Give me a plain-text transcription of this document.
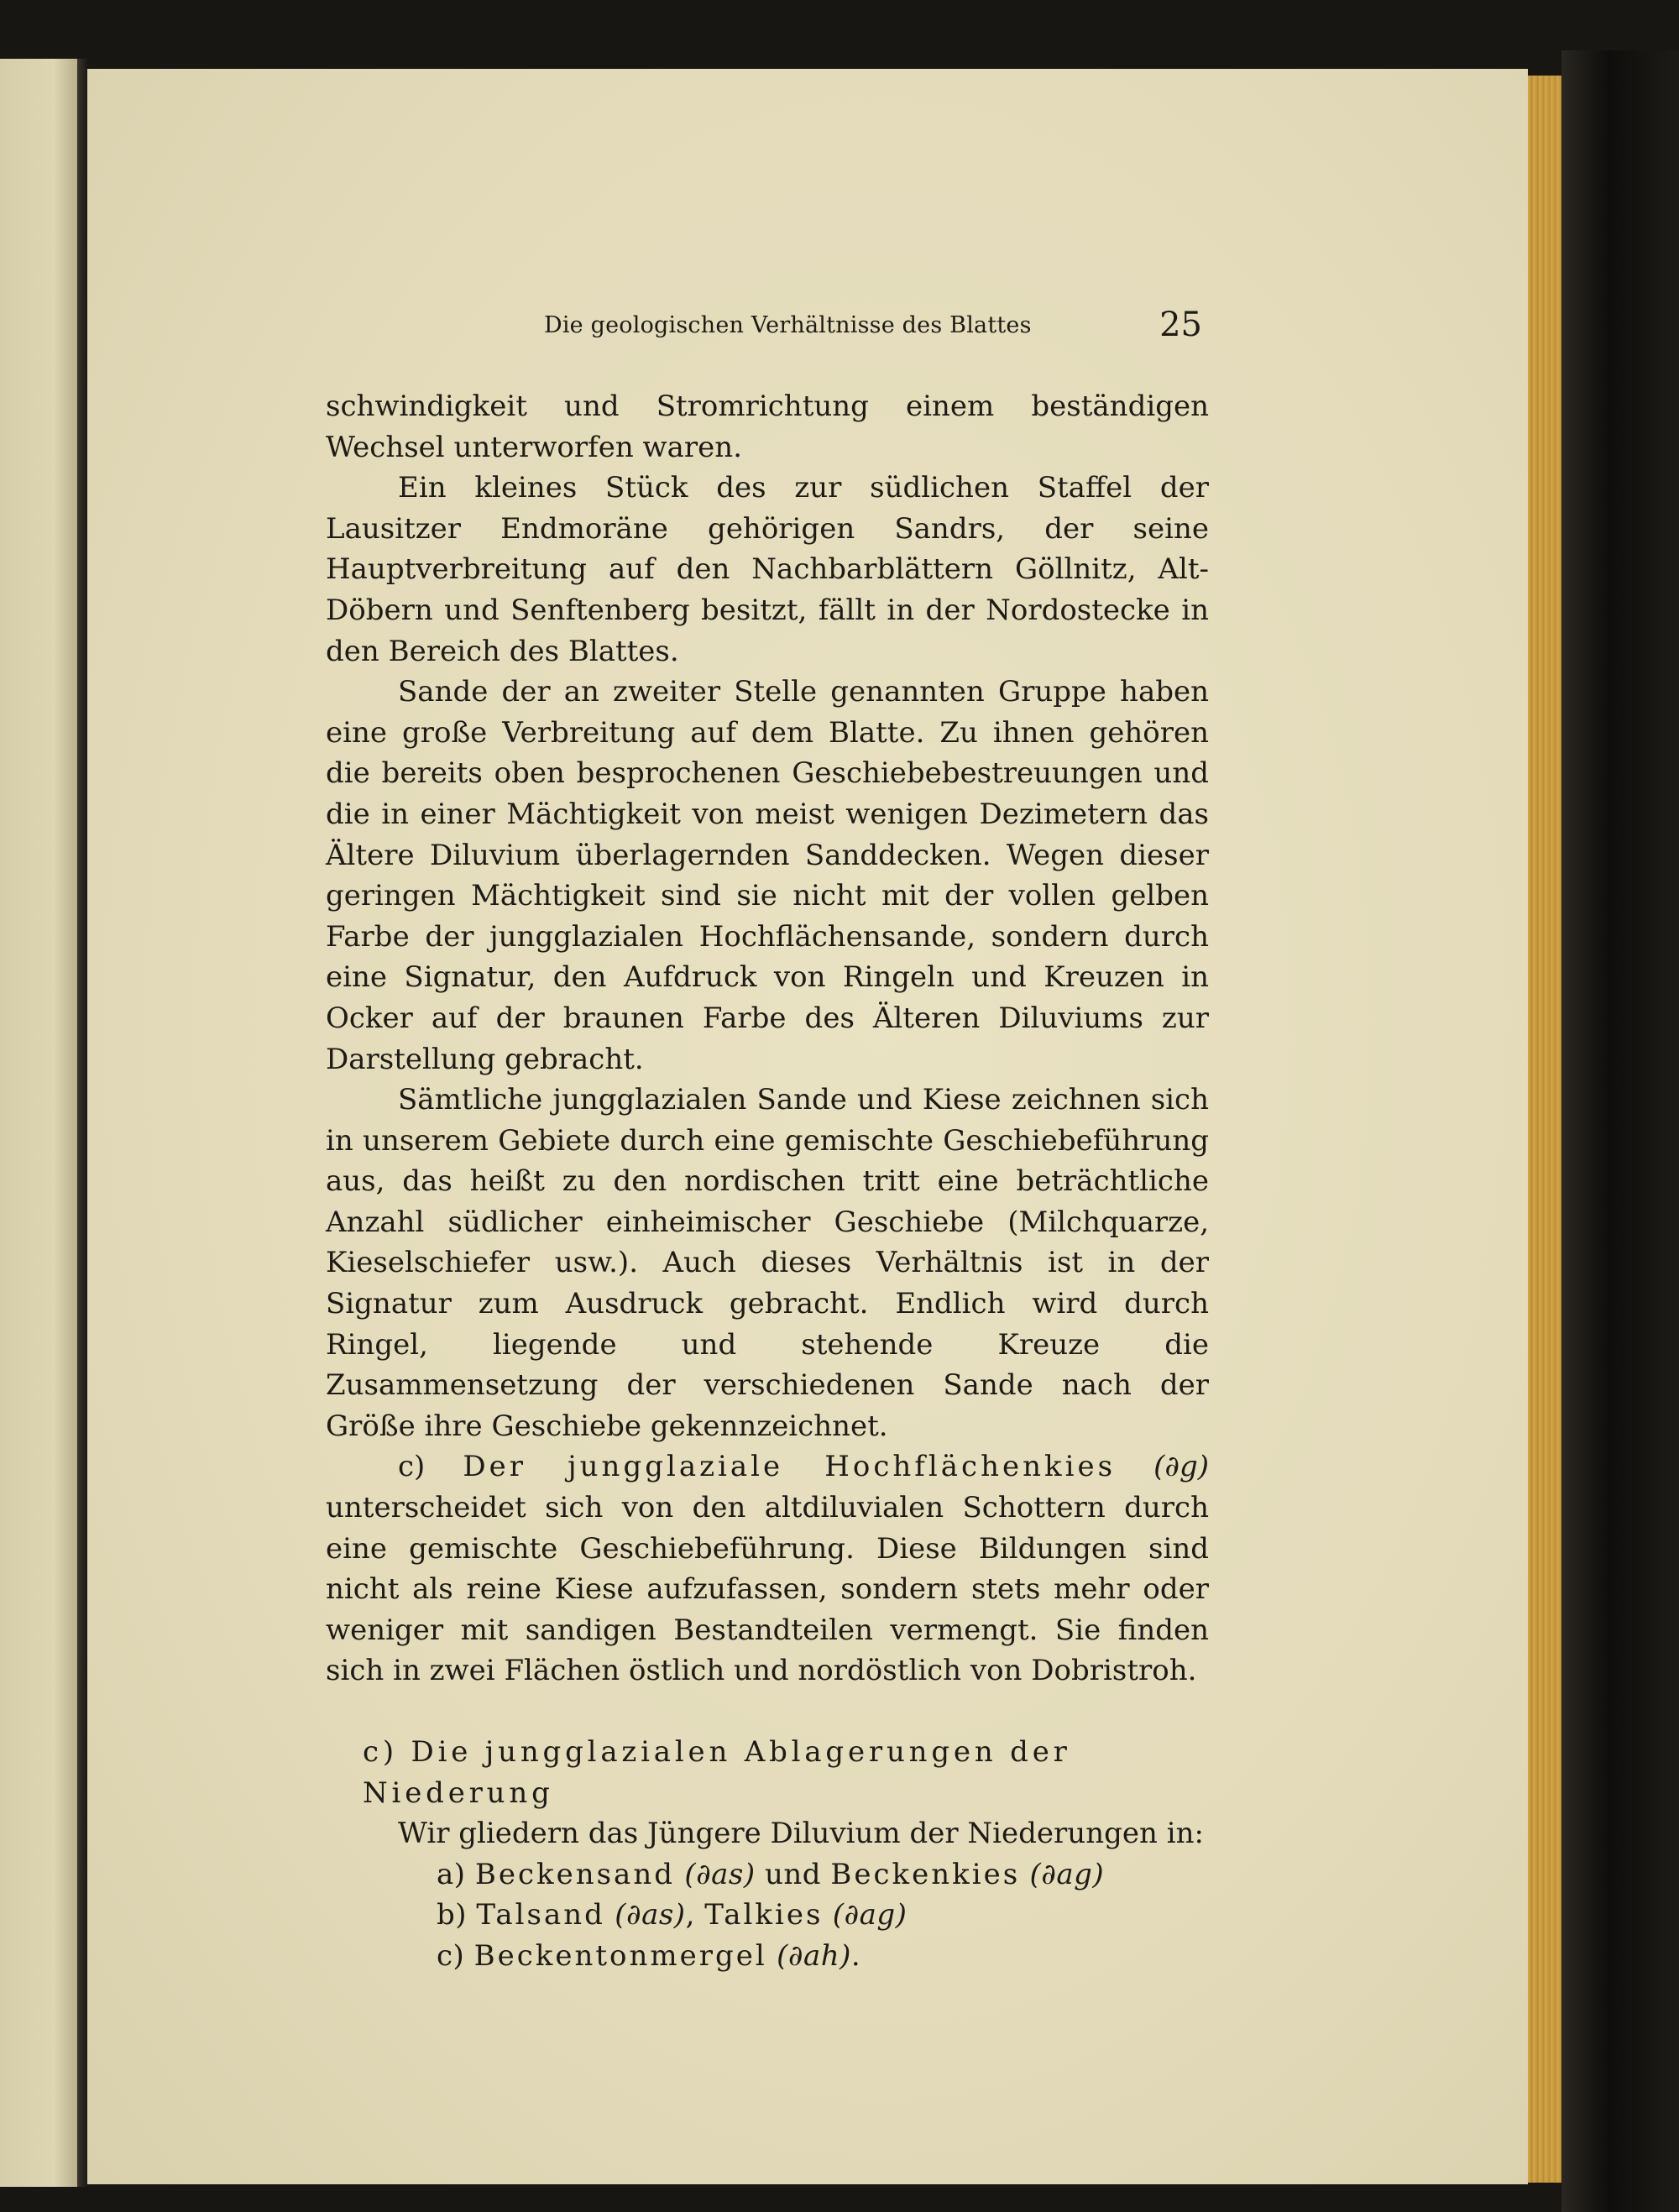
Die geologischen Verhältnisse des Blattes	25

schwindigkeit und Stromrichtung einem beständigen Wechsel unterworfen waren.

Ein kleines Stück des zur südlichen Staffel der Lausitzer Endmoräne gehörigen Sandrs, der seine Hauptverbreitung auf den Nachbarblättern Göllnitz, Alt-Döbern und Senftenberg besitzt, fällt in der Nordostecke in den Bereich des Blattes.

Sande der an zweiter Stelle genannten Gruppe haben eine große Verbreitung auf dem Blatte. Zu ihnen gehören die bereits oben besprochenen Geschiebebestreuungen und die in einer Mächtigkeit von meist wenigen Dezimetern das Ältere Diluvium überlagernden Sanddecken. Wegen dieser geringen Mächtigkeit sind sie nicht mit der vollen gelben Farbe der jungglazialen Hochflächensande, sondern durch eine Signatur, den Aufdruck von Ringeln und Kreuzen in Ocker auf der braunen Farbe des Älteren Diluviums zur Darstellung gebracht.

Sämtliche jungglazialen Sande und Kiese zeichnen sich in unserem Gebiete durch eine gemischte Geschiebeführung aus, das heißt zu den nordischen tritt eine beträchtliche Anzahl südlicher einheimischer Geschiebe (Milchquarze, Kieselschiefer usw.). Auch dieses Verhältnis ist in der Signatur zum Ausdruck gebracht. Endlich wird durch Ringel, liegende und stehende Kreuze die Zusammensetzung der verschiedenen Sande nach der Größe ihre Geschiebe gekennzeichnet.

c) Der jungglaziale Hochflächenkies (∂g) unterscheidet sich von den altdiluvialen Schottern durch eine gemischte Geschiebeführung. Diese Bildungen sind nicht als reine Kiese aufzufassen, sondern stets mehr oder weniger mit sandigen Bestandteilen vermengt. Sie finden sich in zwei Flächen östlich und nordöstlich von Dobristroh.

c) Die jungglazialen Ablagerungen der Niederung
Wir gliedern das Jüngere Diluvium der Niederungen in:
a) Beckensand (∂as) und Beckenkies (∂ag)
b) Talsand (∂as), Talkies (∂ag)
c) Beckentonmergel (∂ah).
